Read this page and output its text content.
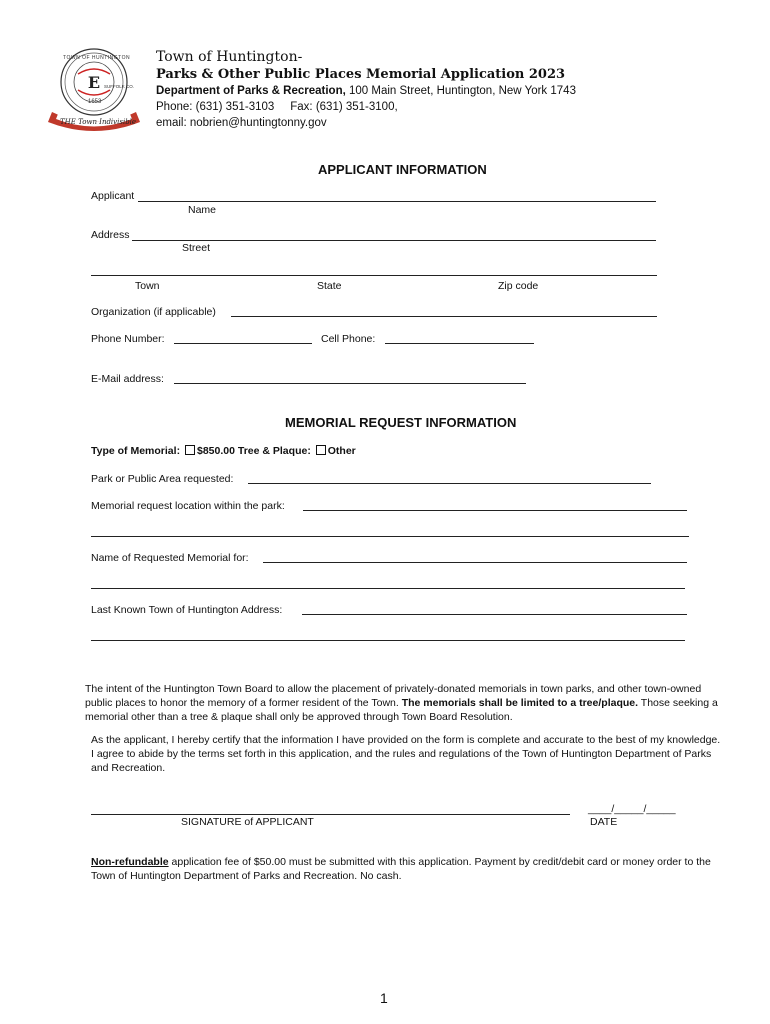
E
TOWN OF HUNTINGTON
SUFFOLK CO.
1653
THE Town Indivisible
Town of Huntington-
Parks & Other Public Places Memorial Application 2023
Department of Parks & Recreation, 100 Main Street, Huntington, New York 1743
Phone: (631) 351-3103     Fax: (631) 351-3100,
email: nobrien@huntingtonny.gov
APPLICANT INFORMATION
Applicant
Name
Address
Street
Town	State	Zip code
Organization (if applicable)
Phone Number:	Cell Phone:
E-Mail address:
MEMORIAL REQUEST INFORMATION
Type of Memorial: $850.00 Tree & Plaque: Other
Park or Public Area requested:
Memorial request location within the park:
Name of Requested Memorial for:
Last Known Town of Huntington Address:
The intent of the Huntington Town Board to allow the placement of privately-donated memorials in town parks, and other town-owned public places to honor the memory of a former resident of the Town. The memorials shall be limited to a tree/plaque. Those seeking a memorial other than a tree & plaque shall only be approved through Town Board Resolution.
As the applicant, I hereby certify that the information I have provided on the form is complete and accurate to the best of my knowledge. I agree to abide by the terms set forth in this application, and the rules and regulations of the Town of Huntington Department of Parks and Recreation.
SIGNATURE of APPLICANT
____/_____/_____
DATE
Non-refundable application fee of $50.00 must be submitted with this application. Payment by credit/debit card or money order to the Town of Huntington Department of Parks and Recreation. No cash.
1
